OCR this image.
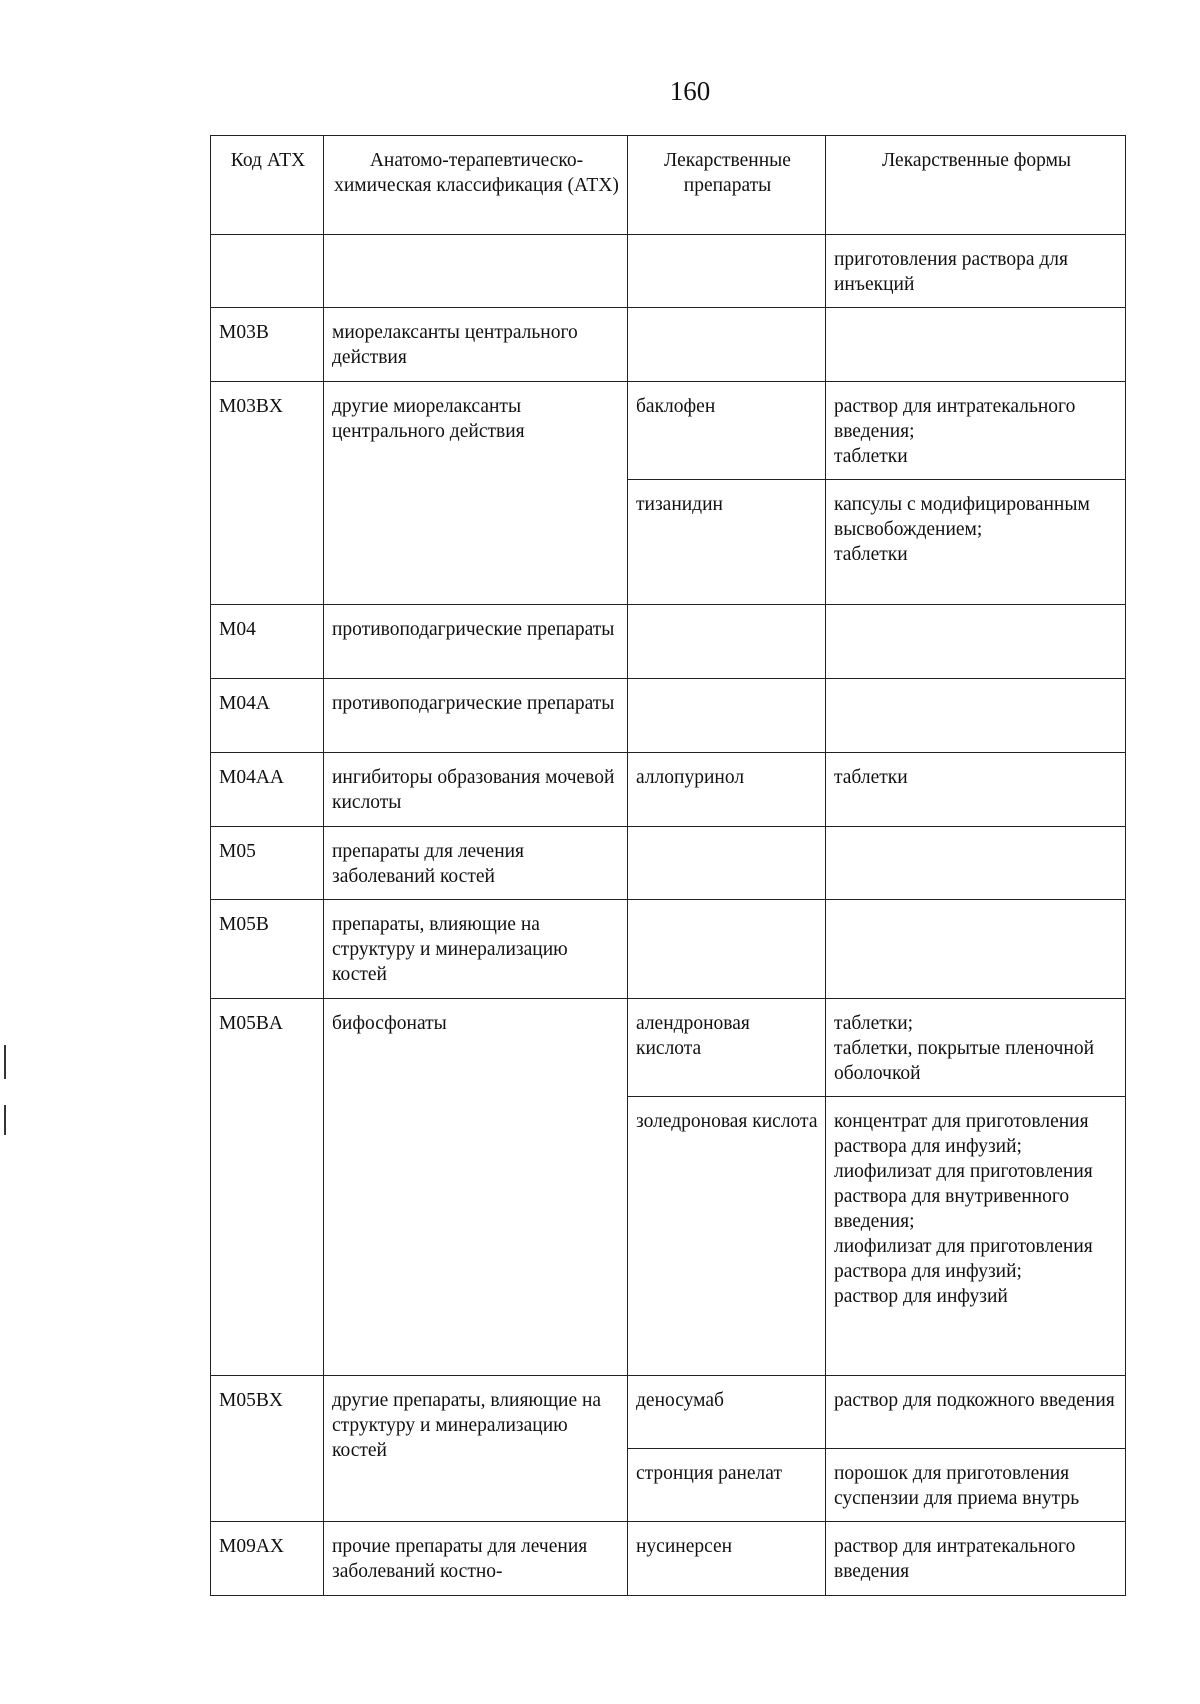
160
Код АТХ	Анатомо-терапевтическо-химическая классификация (АТХ)	Лекарственные препараты	Лекарственные формы
			приготовления раствора для инъекций
M03B	миорелаксанты центрального действия		
M03BX	другие миорелаксанты центрального действия	баклофен	раствор для интратекального введения;
таблетки
		тизанидин	капсулы с модифицированным высвобождением;
таблетки
M04	противоподагрические препараты		
M04A	противоподагрические препараты		
M04AA	ингибиторы образования мочевой кислоты	аллопуринол	таблетки
M05	препараты для лечения заболеваний костей		
M05B	препараты, влияющие на структуру и минерализацию костей		
M05BA	бифосфонаты	алендроновая кислота	таблетки;
таблетки, покрытые пленочной оболочкой
		золедроновая кислота	концентрат для приготовления раствора для инфузий;
лиофилизат для приготовления раствора для внутривенного введения;
лиофилизат для приготовления раствора для инфузий;
раствор для инфузий
M05BX	другие препараты, влияющие на структуру и минерализацию костей	деносумаб	раствор для подкожного введения
		стронция ранелат	порошок для приготовления суспензии для приема внутрь
M09AX	прочие препараты для лечения заболеваний костно-	нусинерсен	раствор для интратекального введения
